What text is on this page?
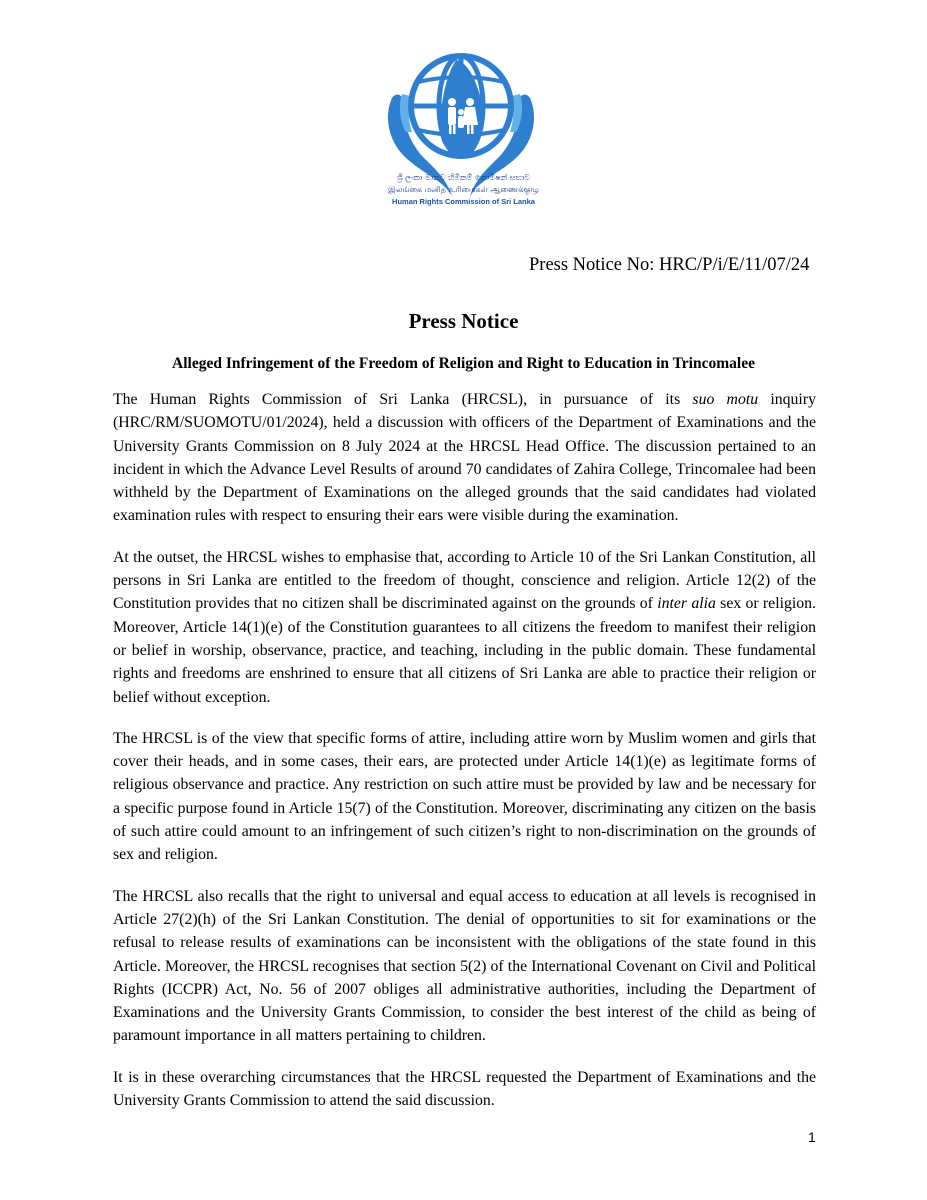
ශ්‍රී ලංකා මානව හිමිකම් කොමිෂන් සභාව
இலங்கை மனித உரிமைகள் ஆணைக்குழு
Human Rights Commission of Sri Lanka
Press Notice No: HRC/P/i/E/11/07/24
Press Notice
Alleged Infringement of the Freedom of Religion and Right to Education in Trincomalee

The Human Rights Commission of Sri Lanka (HRCSL), in pursuance of its suo motu inquiry (HRC/RM/SUOMOTU/01/2024), held a discussion with officers of the Department of Examinations and the University Grants Commission on 8 July 2024 at the HRCSL Head Office. The discussion pertained to an incident in which the Advance Level Results of around 70 candidates of Zahira College, Trincomalee had been withheld by the Department of Examinations on the alleged grounds that the said candidates had violated examination rules with respect to ensuring their ears were visible during the examination.

At the outset, the HRCSL wishes to emphasise that, according to Article 10 of the Sri Lankan Constitution, all persons in Sri Lanka are entitled to the freedom of thought, conscience and religion. Article 12(2) of the Constitution provides that no citizen shall be discriminated against on the grounds of inter alia sex or religion. Moreover, Article 14(1)(e) of the Constitution guarantees to all citizens the freedom to manifest their religion or belief in worship, observance, practice, and teaching, including in the public domain. These fundamental rights and freedoms are enshrined to ensure that all citizens of Sri Lanka are able to practice their religion or belief without exception.

The HRCSL is of the view that specific forms of attire, including attire worn by Muslim women and girls that cover their heads, and in some cases, their ears, are protected under Article 14(1)(e) as legitimate forms of religious observance and practice. Any restriction on such attire must be provided by law and be necessary for a specific purpose found in Article 15(7) of the Constitution. Moreover, discriminating any citizen on the basis of such attire could amount to an infringement of such citizen’s right to non-discrimination on the grounds of sex and religion.

The HRCSL also recalls that the right to universal and equal access to education at all levels is recognised in Article 27(2)(h) of the Sri Lankan Constitution. The denial of opportunities to sit for examinations or the refusal to release results of examinations can be inconsistent with the obligations of the state found in this Article. Moreover, the HRCSL recognises that section 5(2) of the International Covenant on Civil and Political Rights (ICCPR) Act, No. 56 of 2007 obliges all administrative authorities, including the Department of Examinations and the University Grants Commission, to consider the best interest of the child as being of paramount importance in all matters pertaining to children.

It is in these overarching circumstances that the HRCSL requested the Department of Examinations and the University Grants Commission to attend the said discussion.

1
